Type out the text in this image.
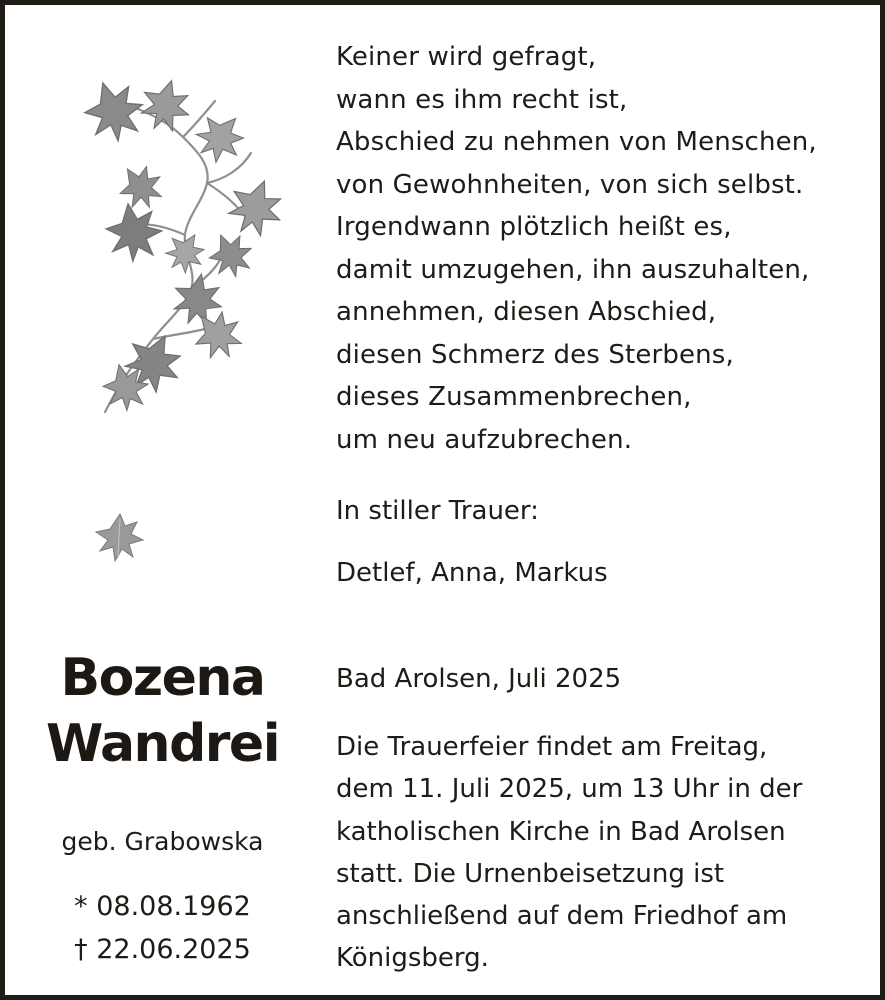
Keiner wird gefragt,
wann es ihm recht ist,
Abschied zu nehmen von Menschen,
von Gewohnheiten, von sich selbst.
Irgendwann plötzlich heißt es,
damit umzugehen, ihn auszuhalten,
annehmen, diesen Abschied,
diesen Schmerz des Sterbens,
dieses Zusammenbrechen,
um neu aufzubrechen.
In stiller Trauer:
Detlef, Anna, Markus
Bad Arolsen, Juli 2025
Die Trauerfeier findet am Freitag,
dem 11. Juli 2025, um 13 Uhr in der
katholischen Kirche in Bad Arolsen
statt. Die Urnenbeisetzung ist
anschließend auf dem Friedhof am
Königsberg.
Bozena
Wandrei
geb. Grabowska
* 08.08.1962
† 22.06.2025
